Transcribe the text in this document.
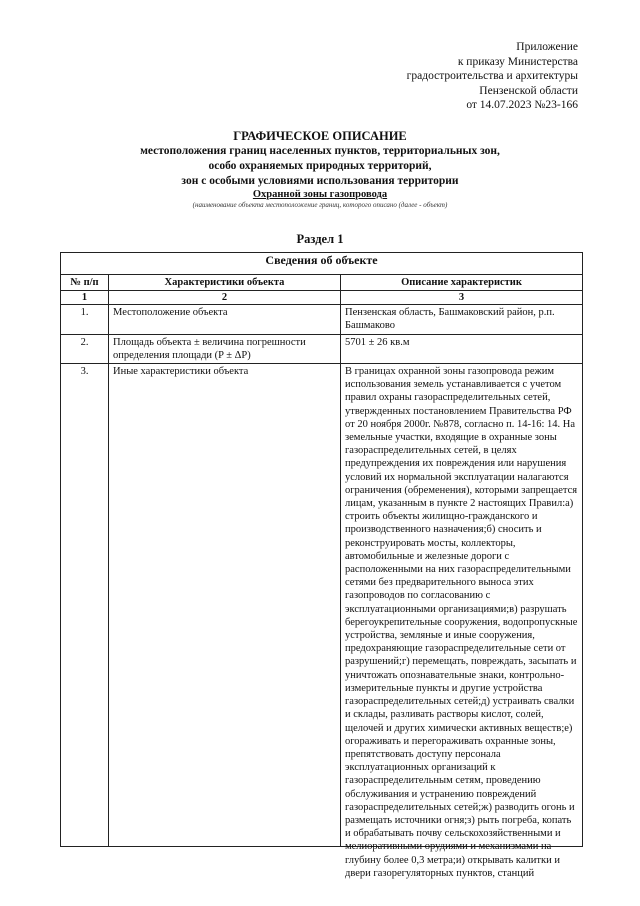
Приложение
к приказу Министерства
градостроительства и архитектуры
Пензенской области
от 14.07.2023 №23-166
ГРАФИЧЕСКОЕ ОПИСАНИЕ
местоположения границ населенных пунктов, территориальных зон,
особо охраняемых природных территорий,
зон с особыми условиями использования территории
Охранной зоны газопровода
(наименование объекта местоположение границ, которого описано (далее - объект)
Раздел 1
Сведения об объекте		
№ п/п	Характеристики объекта	Описание характеристик
1	2	3
1.	Местоположение объекта	Пензенская область, Башмаковский район, р.п. Башмаково
2.	Площадь объекта ± величина погрешности определения площади (P ± ΔP)	5701 ± 26 кв.м
3.	Иные характеристики объекта	В границах охранной зоны газопровода режим использования земель устанавливается с учетом правил охраны газораспределительных сетей, утвержденных постановлением Правительства РФ от 20 ноября 2000г. №878, согласно п. 14-16: 14. На земельные участки, входящие в охранные зоны газораспределительных сетей, в целях предупреждения их повреждения или нарушения условий их нормальной эксплуатации налагаются ограничения (обременения), которыми запрещается лицам, указанным в пункте 2 настоящих Правил:а) строить объекты жилищно-гражданского и производственного назначения;б) сносить и реконструировать мосты, коллекторы, автомобильные и железные дороги с расположенными на них газораспределительными сетями без предварительного выноса этих газопроводов по согласованию с эксплуатационными организациями;в) разрушать берегоукрепительные сооружения, водопропускные устройства, земляные и иные сооружения, предохраняющие газораспределительные сети от разрушений;г) перемещать, повреждать, засыпать и уничтожать опознавательные знаки, контрольно-измерительные пункты и другие устройства газораспределительных сетей;д) устраивать свалки и склады, разливать растворы кислот, солей, щелочей и других химически активных веществ;е) огораживать и перегораживать охранные зоны, препятствовать доступу персонала эксплуатационных организаций к газораспределительным сетям, проведению обслуживания и устранению повреждений газораспределительных сетей;ж) разводить огонь и размещать источники огня;з) рыть погреба, копать и обрабатывать почву сельскохозяйственными и мелиоративными орудиями и механизмами на глубину более 0,3 метра;и) открывать калитки и двери газорегуляторных пунктов, станций
